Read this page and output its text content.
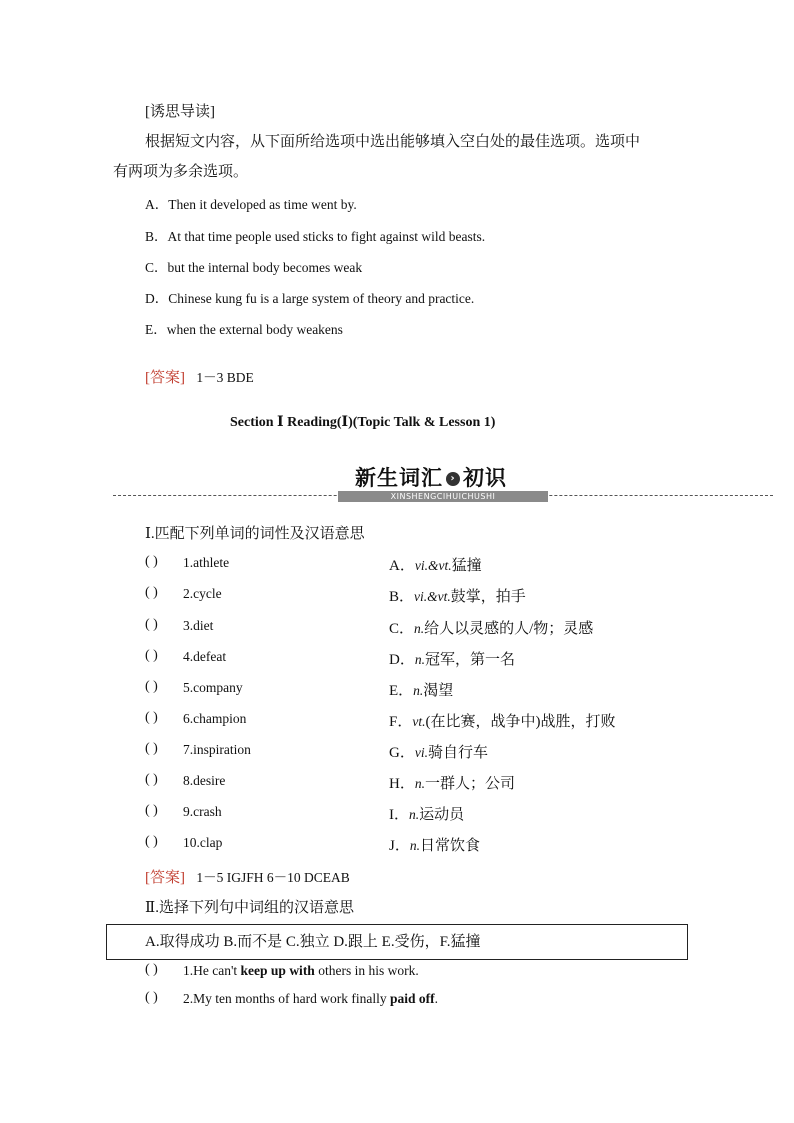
[诱思导读]
根据短文内容，从下面所给选项中选出能够填入空白处的最佳选项。选项中
有两项为多余选项。
A．Then it developed as time went by.
B．At that time people used sticks to fight against wild beasts.
C．but the internal body becomes weak
D．Chinese kung fu is a large system of theory and practice.
E．when the external body weakens
[答案] 1－3 BDE
Section Ⅰ Reading(Ⅰ)(Topic Talk & Lesson 1)
新生词汇 › 初识
XINSHENGCIHUICHUSHI
Ⅰ.匹配下列单词的词性及汉语意思
( ) 1.athlete	A．vi.&vt.猛撞
( ) 2.cycle	B．vi.&vt.鼓掌，拍手
( ) 3.diet	C．n.给人以灵感的人/物；灵感
( ) 4.defeat	D．n.冠军，第一名
( ) 5.company	E．n.渴望
( ) 6.champion	F．vt.(在比赛，战争中)战胜，打败
( ) 7.inspiration	G．vi.骑自行车
( ) 8.desire	H．n.一群人；公司
( ) 9.crash	I．n.运动员
( ) 10.clap	J．n.日常饮食
[答案] 1－5 IGJFH 6－10 DCEAB
Ⅱ.选择下列句中词组的汉语意思
A.取得成功 B.而不是 C.独立 D.跟上 E.受伤，F.猛撞
( ) 1.He can't keep up with others in his work.
( ) 2.My ten months of hard work finally paid off.
